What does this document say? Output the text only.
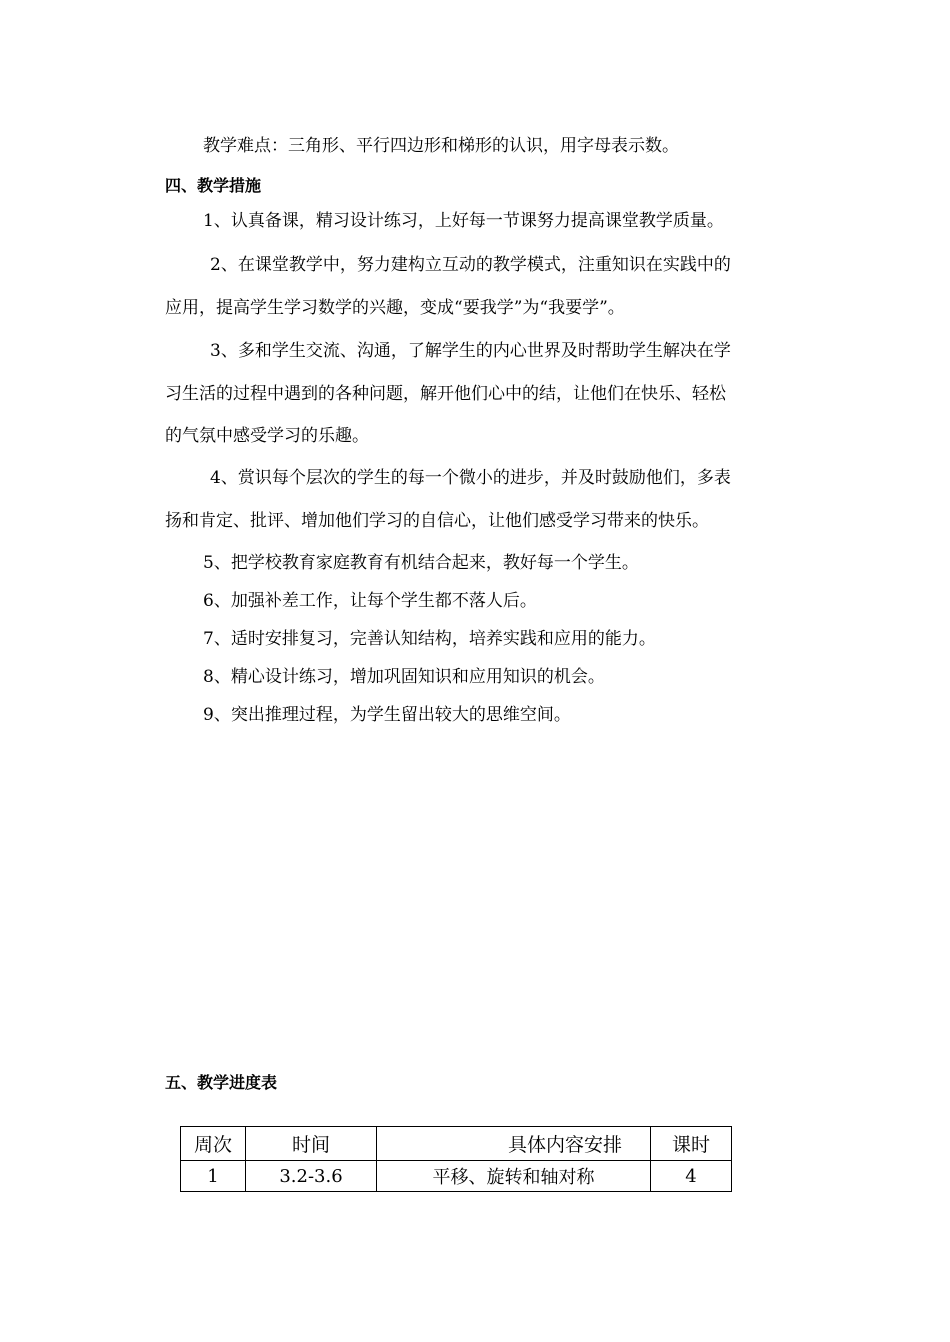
教学难点：三角形、平行四边形和梯形的认识，用字母表示数。
四、教学措施
1、认真备课，精习设计练习，上好每一节课努力提高课堂教学质量。
2、在课堂教学中，努力建构立互动的教学模式，注重知识在实践中的
应用，提高学生学习数学的兴趣，变成“要我学”为“我要学”。
3、多和学生交流、沟通，了解学生的内心世界及时帮助学生解决在学
习生活的过程中遇到的各种问题，解开他们心中的结，让他们在快乐、轻松
的气氛中感受学习的乐趣。
4、赏识每个层次的学生的每一个微小的进步，并及时鼓励他们，多表
扬和肯定、批评、增加他们学习的自信心，让他们感受学习带来的快乐。
5、把学校教育家庭教育有机结合起来，教好每一个学生。
6、加强补差工作，让每个学生都不落人后。
7、适时安排复习，完善认知结构，培养实践和应用的能力。
8、精心设计练习，增加巩固知识和应用知识的机会。
9、突出推理过程，为学生留出较大的思维空间。
五、教学进度表
周次	时间	具体内容安排	课时
1	3.2-3.6	平移、旋转和轴对称	4
